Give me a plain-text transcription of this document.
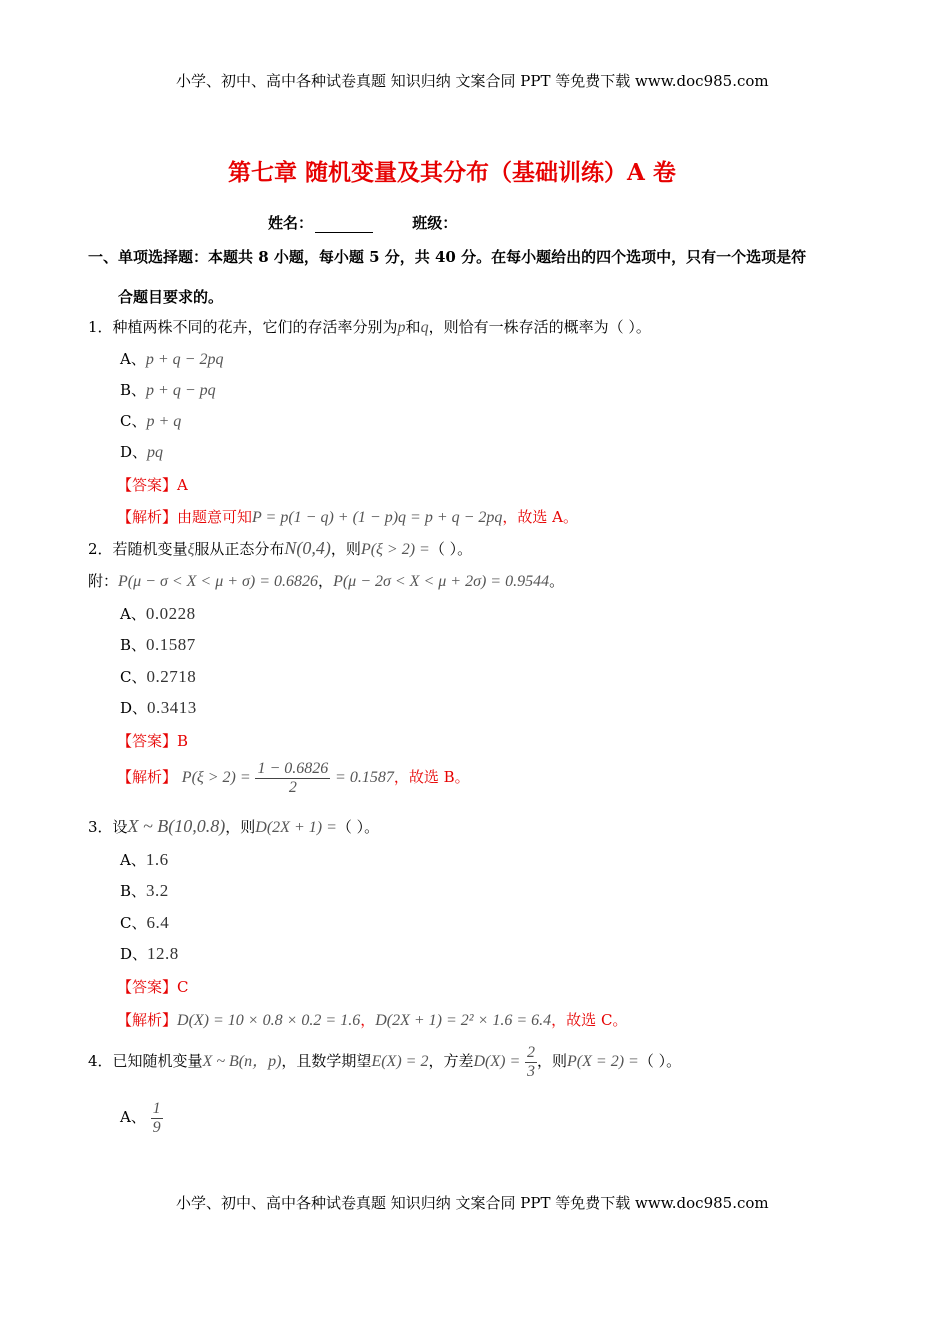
小学、初中、高中各种试卷真题 知识归纳 文案合同 PPT 等免费下载 www.doc985.com
第七章 随机变量及其分布（基础训练）A 卷
姓名：	班级：
一、单项选择题：本题共 8 小题，每小题 5 分，共 40 分。在每小题给出的四个选项中，只有一个选项是符
合题目要求的。
1．种植两株不同的花卉，它们的存活率分别为p和q，则恰有一株存活的概率为（ ）。
A、p + q − 2pq
B、p + q − pq
C、p + q
D、pq
【答案】A
【解析】由题意可知P = p(1 − q) + (1 − p)q = p + q − 2pq，故选 A。
2．若随机变量ξ服从正态分布N(0,4)，则P(ξ > 2) =（ ）。
附：P(μ − σ < X < μ + σ) = 0.6826，P(μ − 2σ < X < μ + 2σ) = 0.9544。
A、0.0228
B、0.1587
C、0.2718
D、0.3413
【答案】B
【解析】 $P(\xi > 2) = \frac{1 - 0.6826}{2} = 0.1587$，故选 B。
3．设X ~ B(10,0.8)，则D(2X + 1) =（ ）。
A、1.6
B、3.2
C、6.4
D、12.8
【答案】C
【解析】D(X) = 10 × 0.8 × 0.2 = 1.6，D(2X + 1) = 2² × 1.6 = 6.4，故选 C。
4．已知随机变量X ~ B(n，p)，且数学期望E(X) = 2，方差$D(X) = \frac{2}{3}$ ，则P(X = 2) =（ ）。
A、 $\frac{1}{9}$
小学、初中、高中各种试卷真题 知识归纳 文案合同 PPT 等免费下载 www.doc985.com
